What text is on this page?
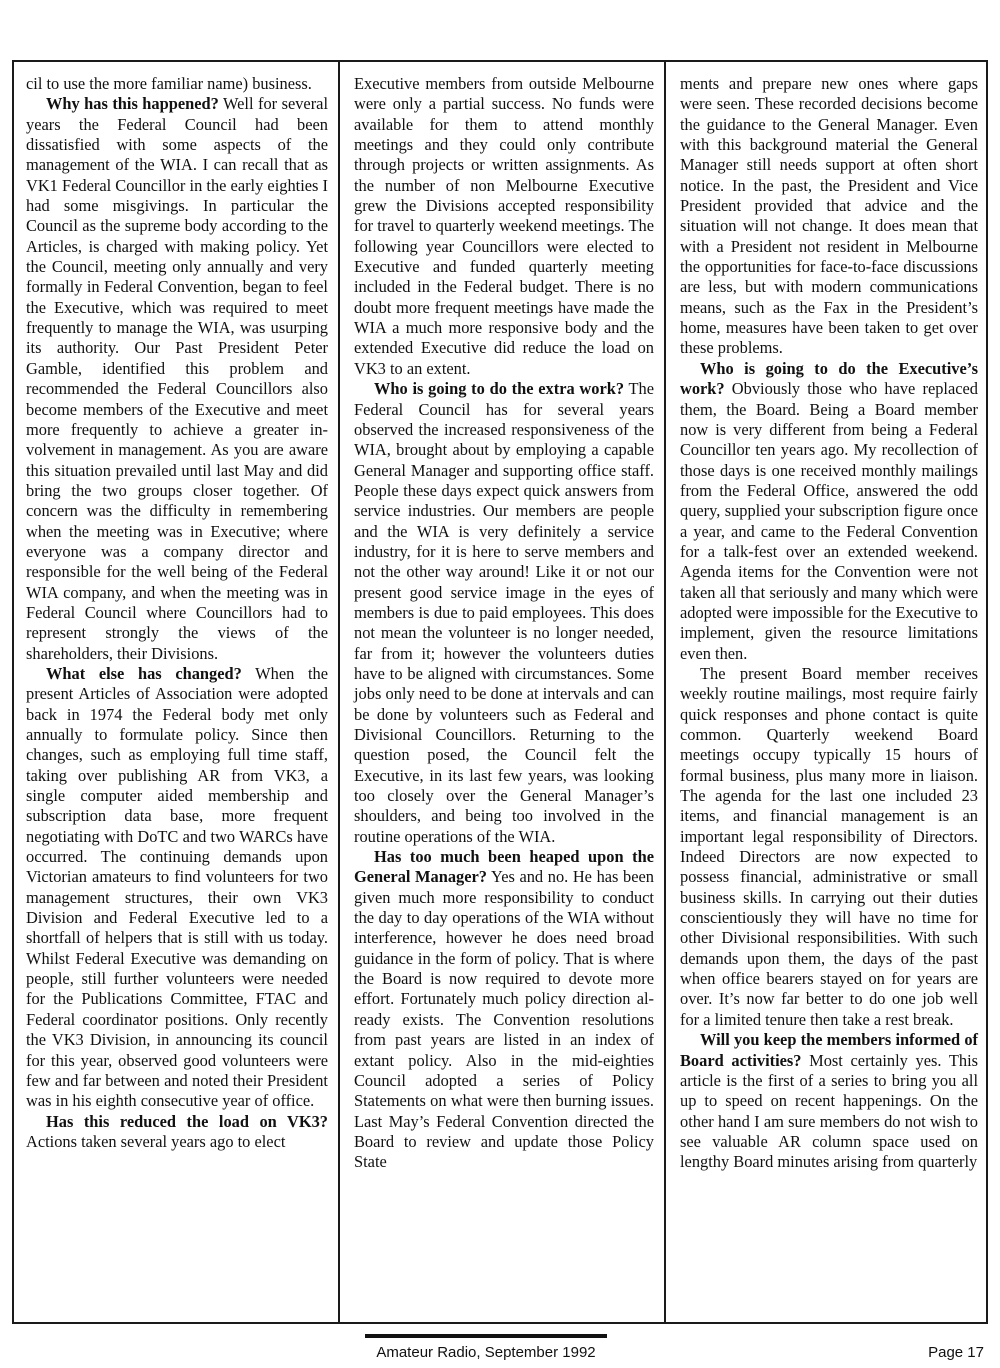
cil to use the more familiar name) business.

Why has this happened? Well for several years the Federal Council had been dissatisfied with some aspects of the management of the WIA. I can recall that as VK1 Federal Councillor in the early eighties I had some misgivings. In particular the Council as the supreme body according to the Articles, is charged with making policy. Yet the Council, meeting only annually and very formally in Federal Convention, began to feel the Executive, which was required to meet frequently to manage the WIA, was usurping its authority. Our Past President Peter Gamble, identified this problem and recommended the Federal Councillors also become members of the Executive and meet more frequently to achieve a greater involvement in management. As you are aware this situation prevailed until last May and did bring the two groups closer together. Of concern was the difficulty in remembering when the meeting was in Executive; where everyone was a company director and responsible for the well being of the Federal WIA company, and when the meeting was in Federal Council where Councillors had to represent strongly the views of the shareholders, their Divisions.

What else has changed? When the present Articles of Association were adopted back in 1974 the Federal body met only annually to formulate policy. Since then changes, such as employing full time staff, taking over publishing AR from VK3, a single computer aided membership and subscription data base, more frequent negotiating with DoTC and two WARCs have occurred. The continuing demands upon Victorian amateurs to find volunteers for two management structures, their own VK3 Division and Federal Executive led to a shortfall of helpers that is still with us today. Whilst Federal Executive was demanding on people, still further volunteers were needed for the Publications Committee, FTAC and Federal coordinator positions. Only recently the VK3 Division, in announcing its council for this year, observed good volunteers were few and far between and noted their President was in his eighth consecutive year of office.

Has this reduced the load on VK3? Actions taken several years ago to elect

Executive members from outside Melbourne were only a partial success. No funds were available for them to attend monthly meetings and they could only contribute through projects or written assignments. As the number of non Melbourne Executive grew the Divisions accepted responsibility for travel to quarterly weekend meetings. The following year Councillors were elected to Executive and funded quarterly meeting included in the Federal budget. There is no doubt more frequent meetings have made the WIA a much more responsive body and the extended Executive did reduce the load on VK3 to an extent.

Who is going to do the extra work? The Federal Council has for several years observed the increased responsiveness of the WIA, brought about by employing a capable General Manager and supporting office staff. People these days expect quick answers from service industries. Our members are people and the WIA is very definitely a service industry, for it is here to serve members and not the other way around! Like it or not our present good service image in the eyes of members is due to paid employees. This does not mean the volunteer is no longer needed, far from it; however the volunteers duties have to be aligned with circumstances. Some jobs only need to be done at intervals and can be done by volunteers such as Federal and Divisional Councillors. Returning to the question posed, the Council felt the Executive, in its last few years, was looking too closely over the General Manager’s shoulders, and being too involved in the routine operations of the WIA.

Has too much been heaped upon the General Manager? Yes and no. He has been given much more responsibility to conduct the day to day operations of the WIA without interference, however he does need broad guidance in the form of policy. That is where the Board is now required to devote more effort. Fortunately much policy direction already exists. The Convention resolutions from past years are listed in an index of extant policy. Also in the mid-eighties Council adopted a series of Policy Statements on what were then burning issues. Last May’s Federal Convention directed the Board to review and update those Policy State

ments and prepare new ones where gaps were seen. These recorded decisions become the guidance to the General Manager. Even with this background material the General Manager still needs support at often short notice. In the past, the President and Vice President provided that advice and the situation will not change. It does mean that with a President not resident in Melbourne the opportunities for face-to-face discussions are less, but with modern communications means, such as the Fax in the President’s home, measures have been taken to get over these problems.

Who is going to do the Executive’s work? Obviously those who have replaced them, the Board. Being a Board member now is very different from being a Federal Councillor ten years ago. My recollection of those days is one received monthly mailings from the Federal Office, answered the odd query, supplied your subscription figure once a year, and came to the Federal Convention for a talk-fest over an extended weekend. Agenda items for the Convention were not taken all that seriously and many which were adopted were impossible for the Executive to implement, given the resource limitations even then.

The present Board member receives weekly routine mailings, most require fairly quick responses and phone contact is quite common. Quarterly weekend Board meetings occupy typically 15 hours of formal business, plus many more in liaison. The agenda for the last one included 23 items, and financial management is an important legal responsibility of Directors. Indeed Directors are now expected to possess financial, administrative or small business skills. In carrying out their duties conscientiously they will have no time for other Divisional responsibilities. With such demands upon them, the days of the past when office bearers stayed on for years are over. It’s now far better to do one job well for a limited tenure then take a rest break.

Will you keep the members informed of Board activities? Most certainly yes. This article is the first of a series to bring you all up to speed on recent happenings. On the other hand I am sure members do not wish to see valuable AR column space used on lengthy Board minutes arising from quarterly

Amateur Radio, September 1992	Page 17
